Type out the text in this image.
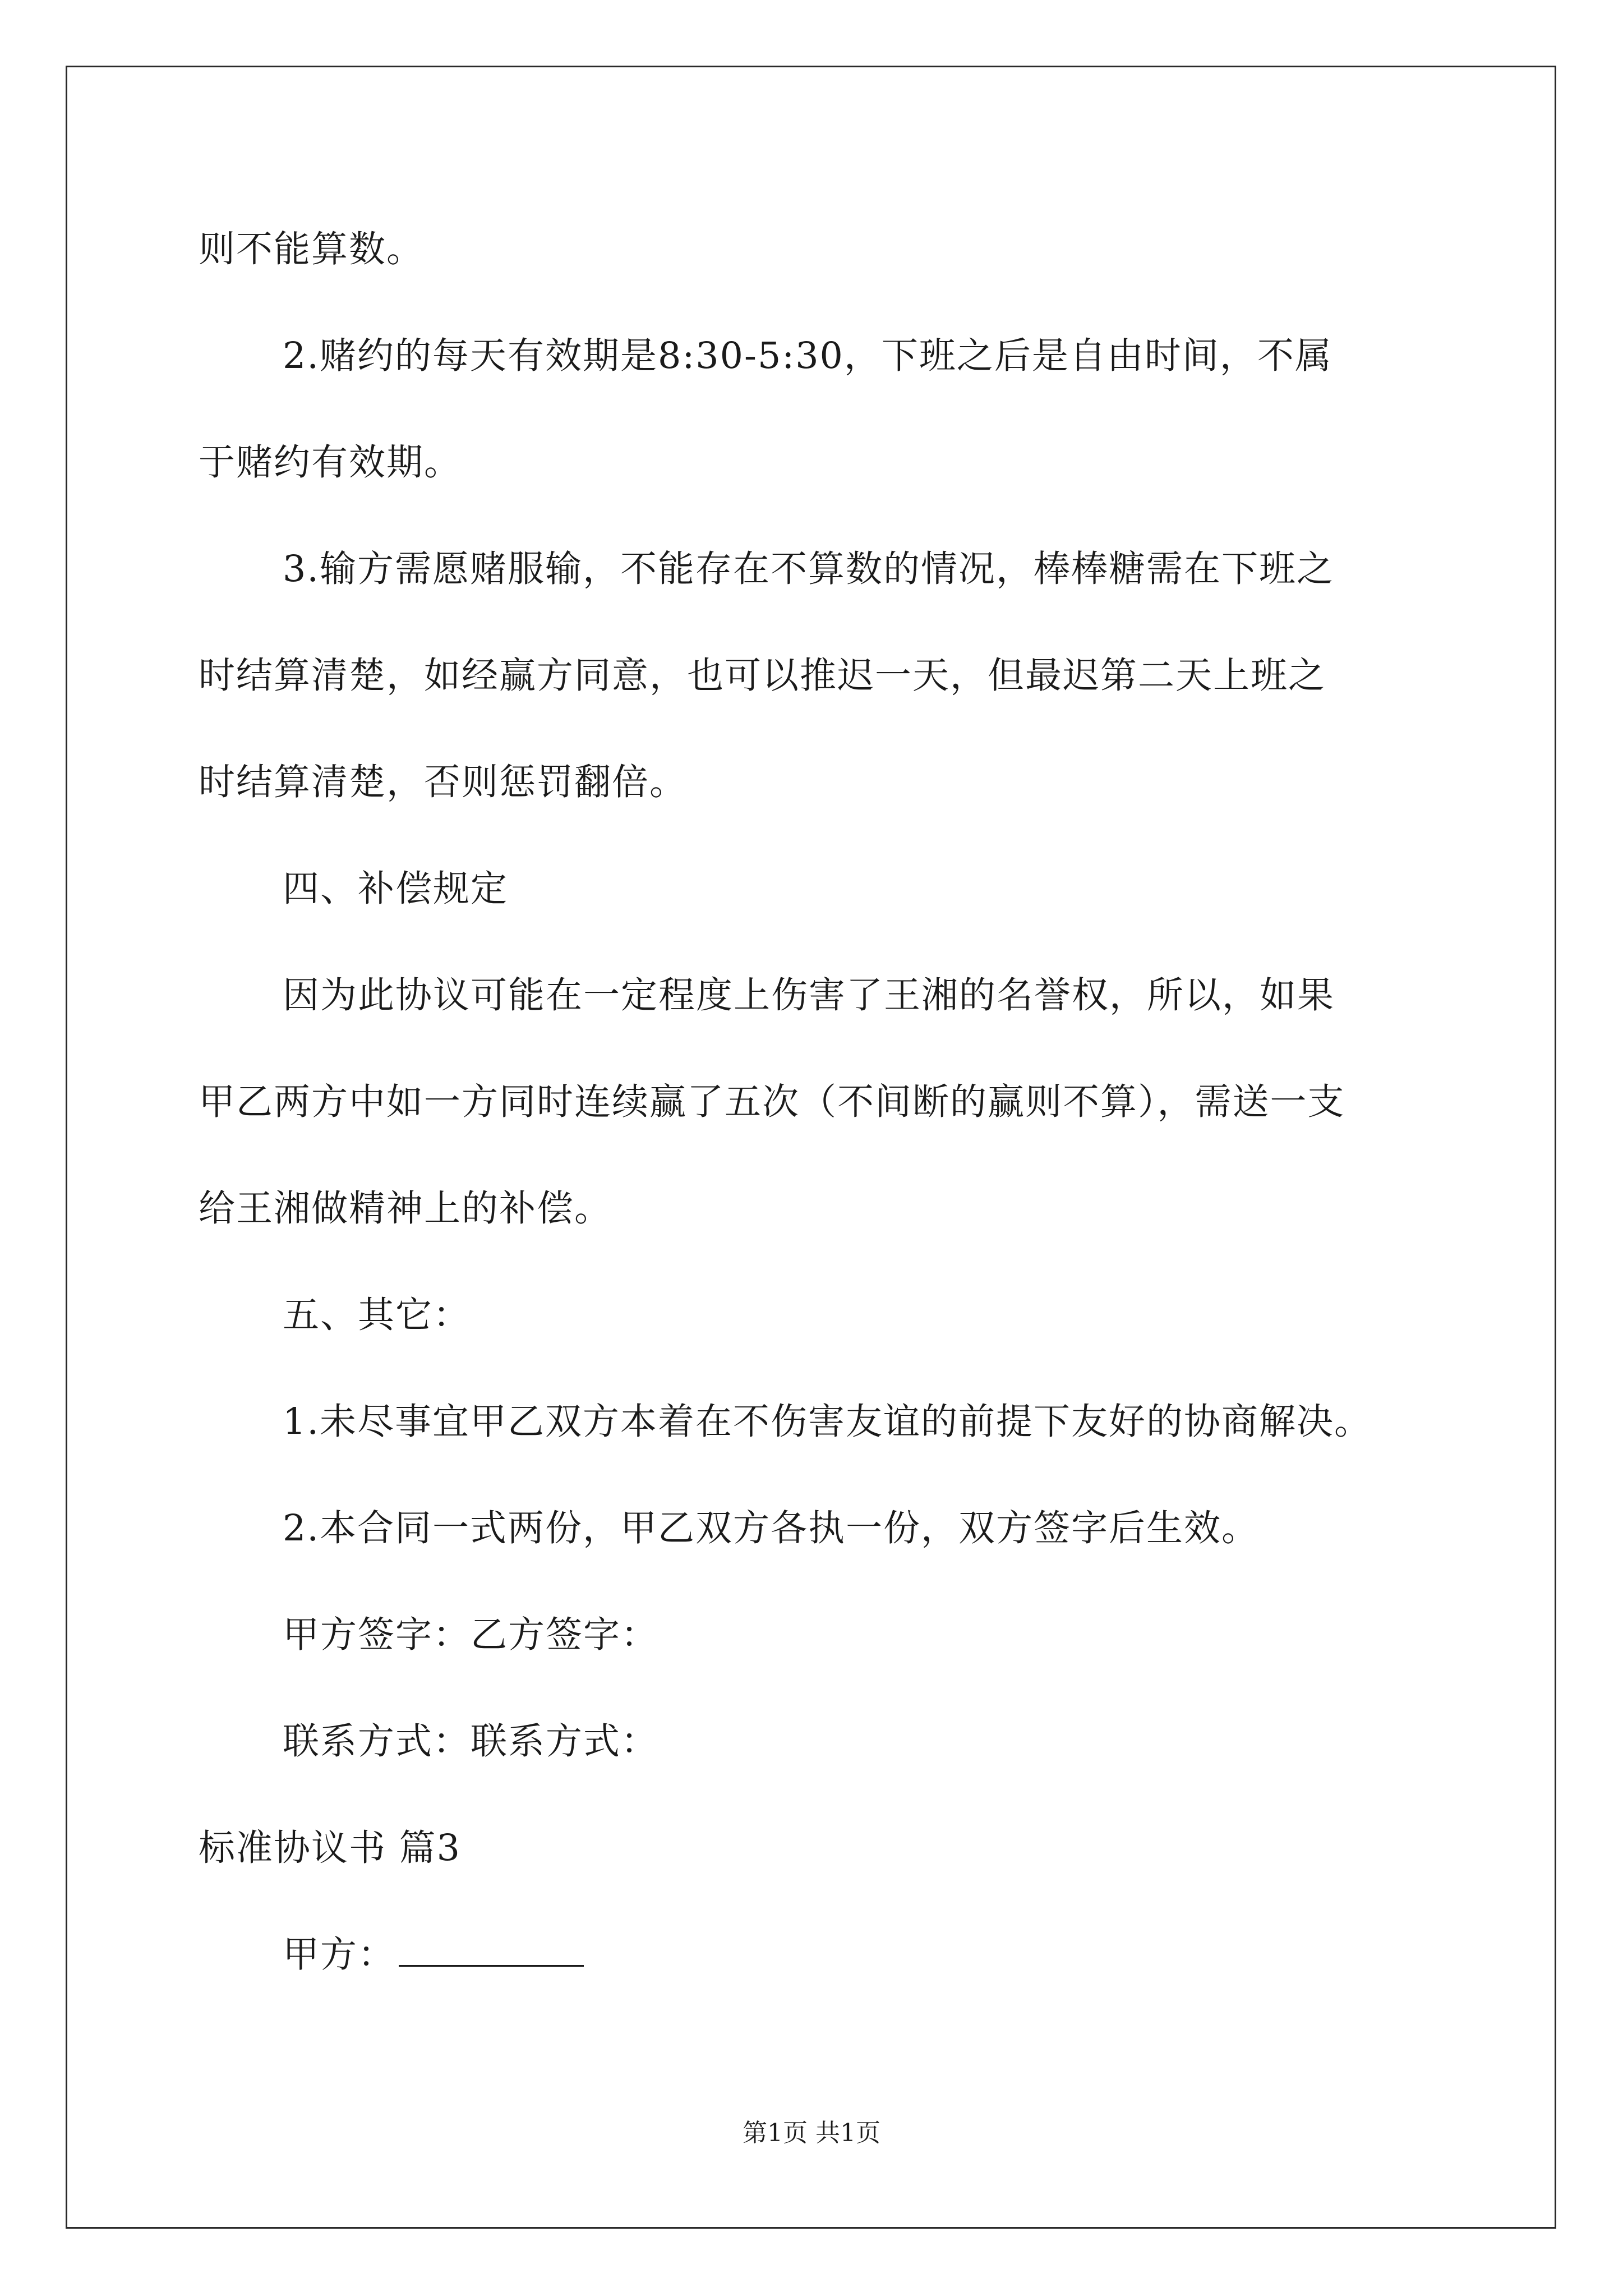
则不能算数。
2.赌约的每天有效期是8:30-5:30，下班之后是自由时间，不属
于赌约有效期。
3.输方需愿赌服输，不能存在不算数的情况，棒棒糖需在下班之
时结算清楚，如经赢方同意，也可以推迟一天，但最迟第二天上班之
时结算清楚，否则惩罚翻倍。
四、补偿规定
因为此协议可能在一定程度上伤害了王湘的名誉权，所以，如果
甲乙两方中如一方同时连续赢了五次（不间断的赢则不算），需送一支
给王湘做精神上的补偿。
五、其它：
1.未尽事宜甲乙双方本着在不伤害友谊的前提下友好的协商解决。
2.本合同一式两份，甲乙双方各执一份，双方签字后生效。
甲方签字：乙方签字：
联系方式：联系方式：
标准协议书 篇3
甲方：
第1页 共1页
